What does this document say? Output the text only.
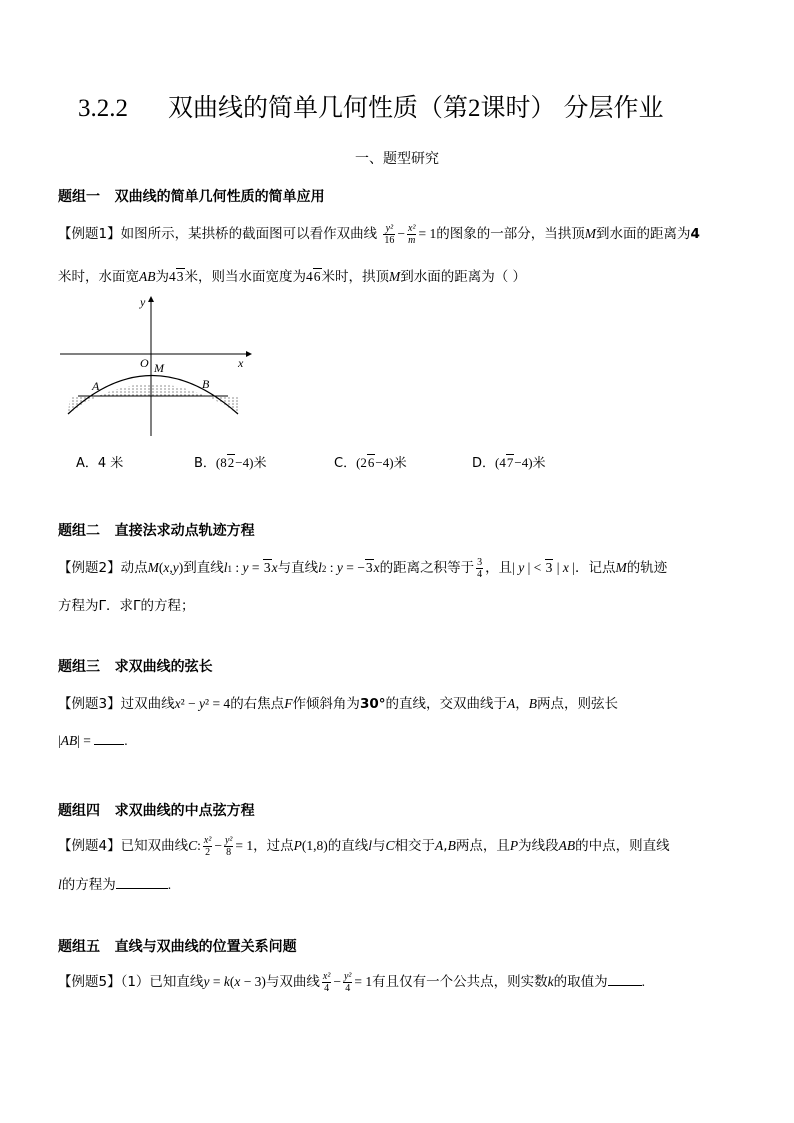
3.2.2 双曲线的简单几何性质（第2课时） 分层作业
一、题型研究
题组一 双曲线的简单几何性质的简单应用
【例题1】如图所示，某拱桥的截面图可以看作双曲线 $\frac{\text{y²}}{16} - \frac{\text{x²}}{m} = 1$的图象的一部分，当拱顶M到水面的距离为4
米时，水面宽AB为43米，则当水面宽度为46米时，拱顶M到水面的距离为（ ）
y
x
O M
A	B
A．4 米	B．(82−4)米	C．(26−4)米	D．(47−4)米
题组二 直接法求动点轨迹方程
【例题2】动点M(x,y)到直线l1 : y = 3x与直线l2 : y = −3x的距离之积等于 $\frac{3}{4}$ ，且| y | < 3 | x |．记点M的轨迹
方程为Γ．求Γ的方程；
题组三 求双曲线的弦长
【例题3】过双曲线x² − y² = 4的右焦点F作倾斜角为30°的直线，交双曲线于A，B两点，则弦长
|AB| = .
题组四 求双曲线的中点弦方程
【例题4】已知双曲线C: $\frac{\text{x²}}{2} - \frac{\text{y²}}{8} = 1$，过点P(1,8)的直线l与C相交于A,B两点，且P为线段AB的中点，则直线
l的方程为	.
题组五 直线与双曲线的位置关系问题
【例题5】（1）已知直线y = k(x − 3)与双曲线 $\frac{\text{x²}}{4} - \frac{\text{y²}}{4} = 1$有且仅有一个公共点，则实数k的取值为	.
